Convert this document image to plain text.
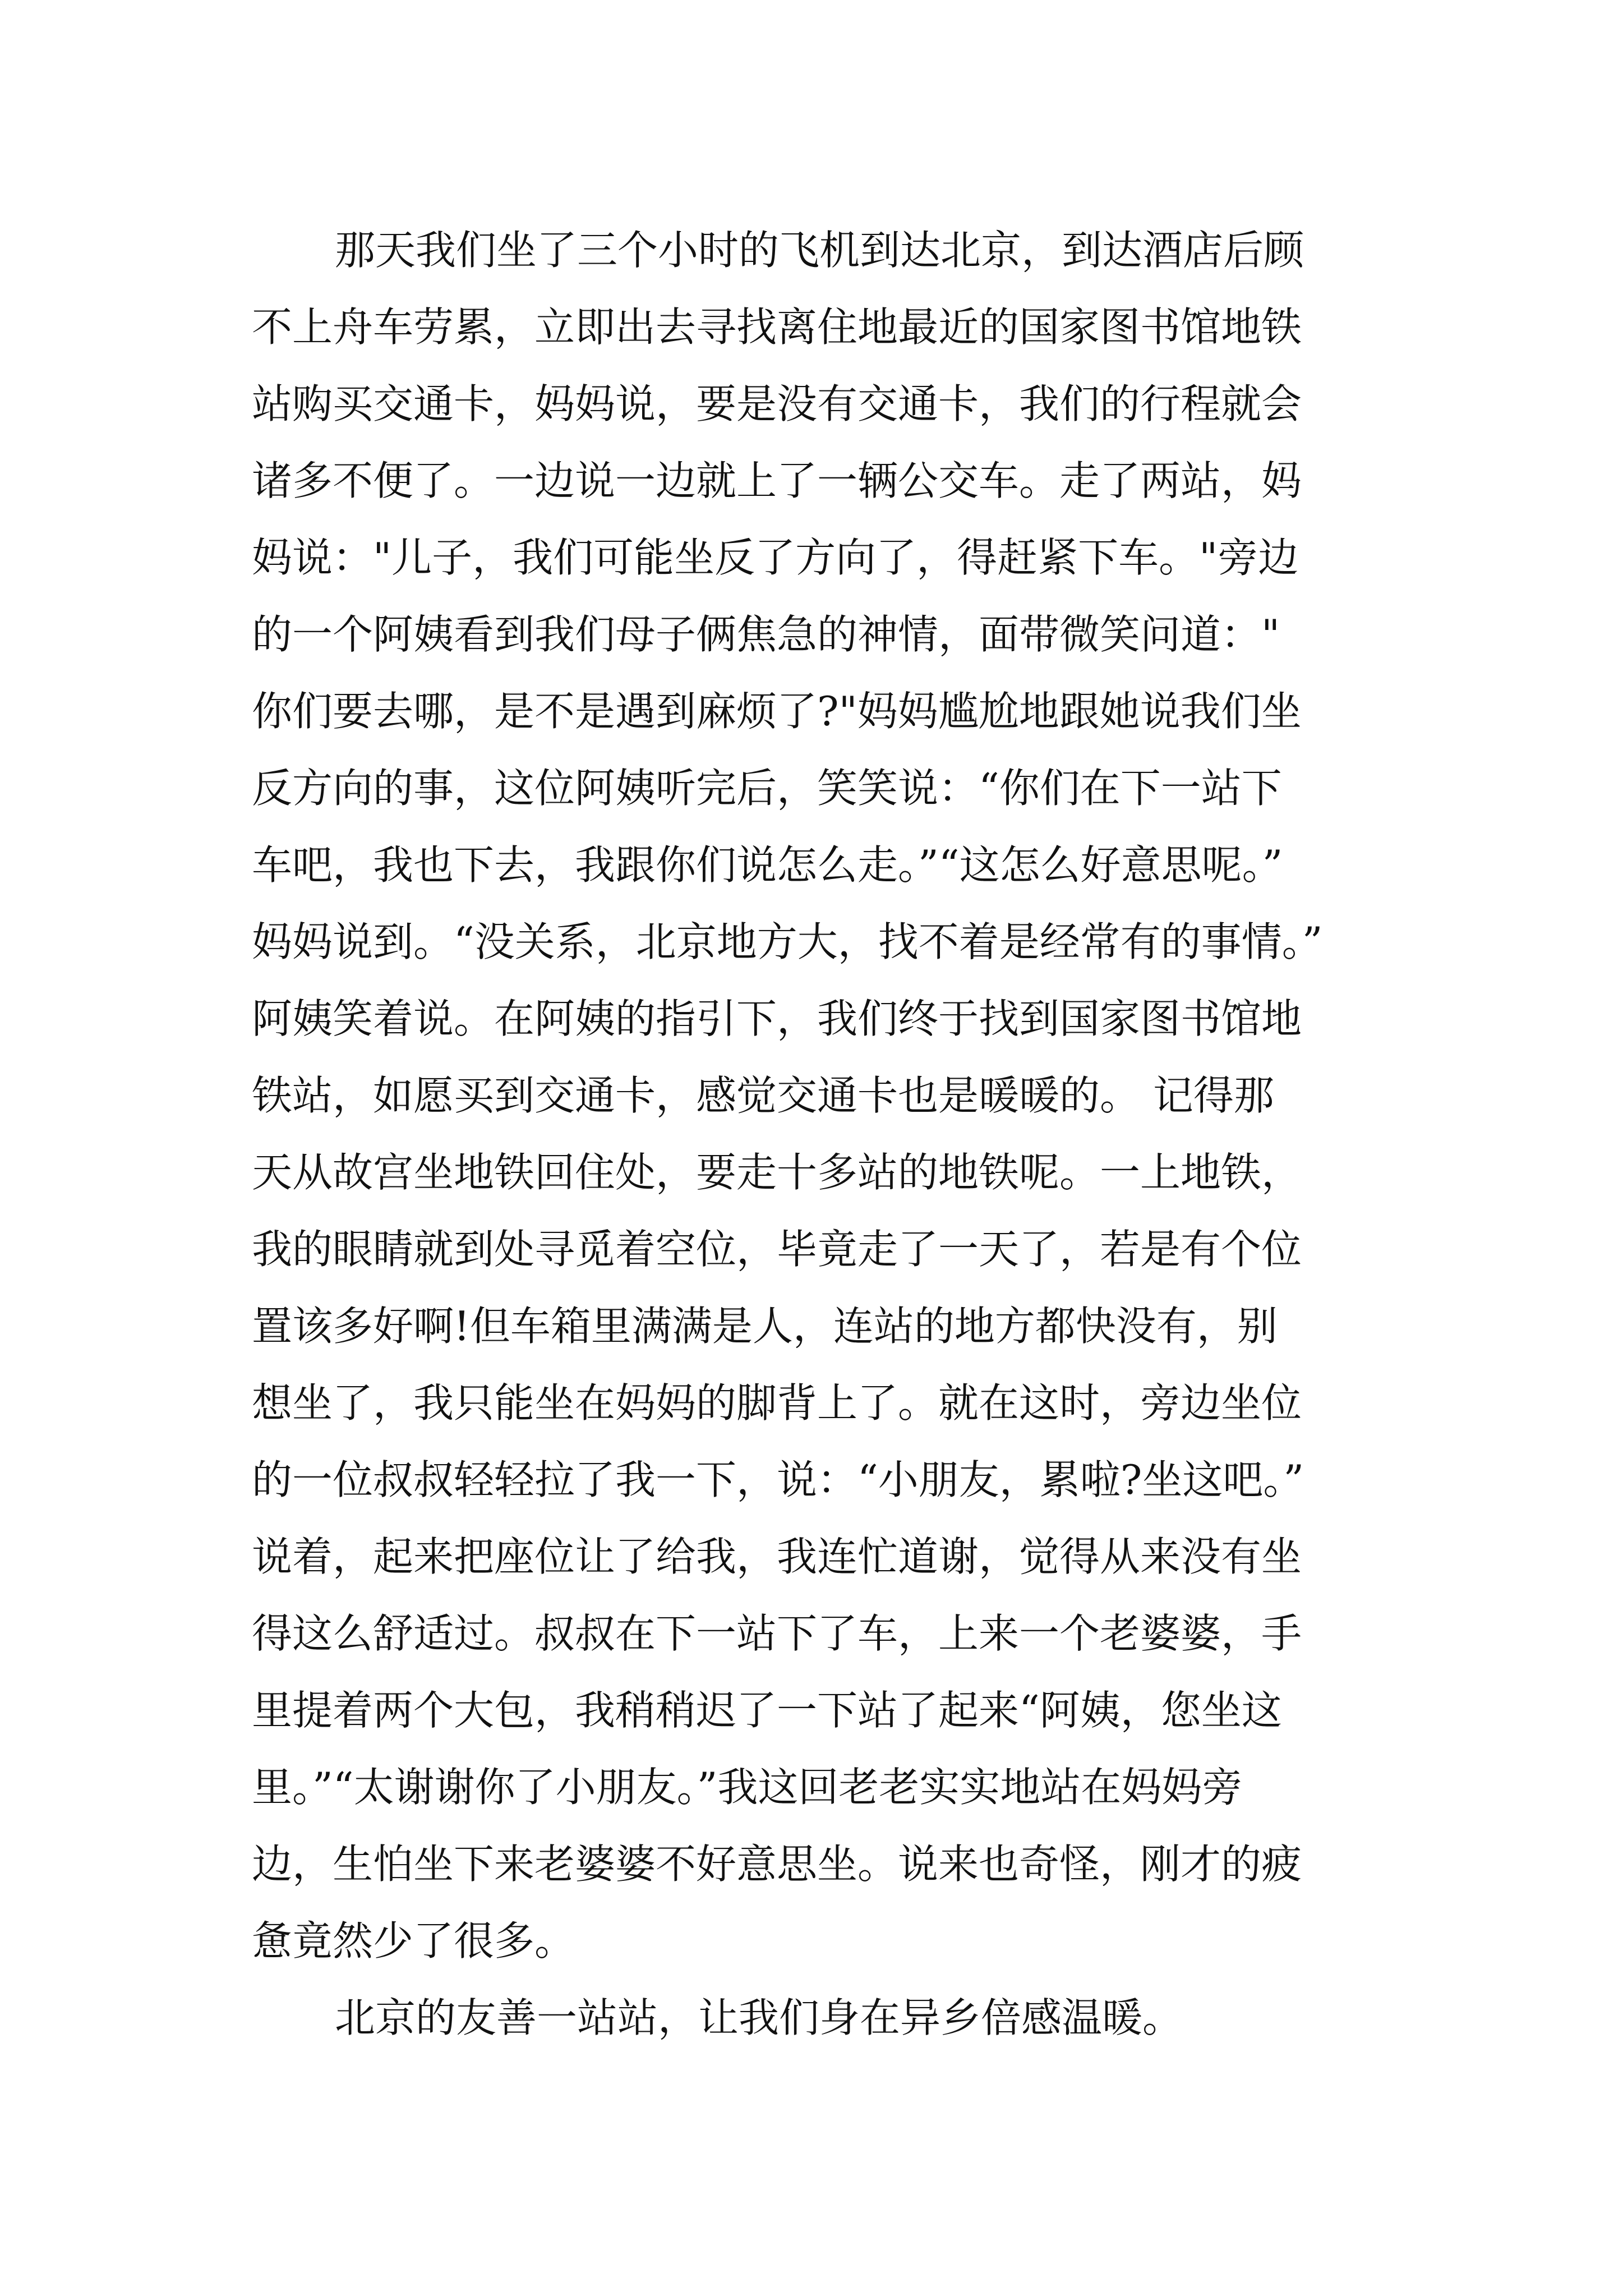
那天我们坐了三个小时的飞机到达北京，到达酒店后顾
不上舟车劳累，立即出去寻找离住地最近的国家图书馆地铁
站购买交通卡，妈妈说，要是没有交通卡，我们的行程就会
诸多不便了。一边说一边就上了一辆公交车。走了两站，妈
妈说："儿子，我们可能坐反了方向了，得赶紧下车。"旁边
的一个阿姨看到我们母子俩焦急的神情，面带微笑问道："
你们要去哪，是不是遇到麻烦了?"妈妈尴尬地跟她说我们坐
反方向的事，这位阿姨听完后，笑笑说：“你们在下一站下
车吧，我也下去，我跟你们说怎么走。”“这怎么好意思呢。”
妈妈说到。“没关系，北京地方大，找不着是经常有的事情。”
阿姨笑着说。在阿姨的指引下，我们终于找到国家图书馆地
铁站，如愿买到交通卡，感觉交通卡也是暖暖的。 记得那
天从故宫坐地铁回住处，要走十多站的地铁呢。一上地铁，
我的眼睛就到处寻觅着空位，毕竟走了一天了，若是有个位
置该多好啊!但车箱里满满是人，连站的地方都快没有，别
想坐了，我只能坐在妈妈的脚背上了。就在这时，旁边坐位
的一位叔叔轻轻拉了我一下，说：“小朋友，累啦?坐这吧。”
说着，起来把座位让了给我，我连忙道谢，觉得从来没有坐
得这么舒适过。叔叔在下一站下了车，上来一个老婆婆，手
里提着两个大包，我稍稍迟了一下站了起来“阿姨，您坐这
里。”“太谢谢你了小朋友。”我这回老老实实地站在妈妈旁
边，生怕坐下来老婆婆不好意思坐。说来也奇怪，刚才的疲
惫竟然少了很多。
北京的友善一站站，让我们身在异乡倍感温暖。
